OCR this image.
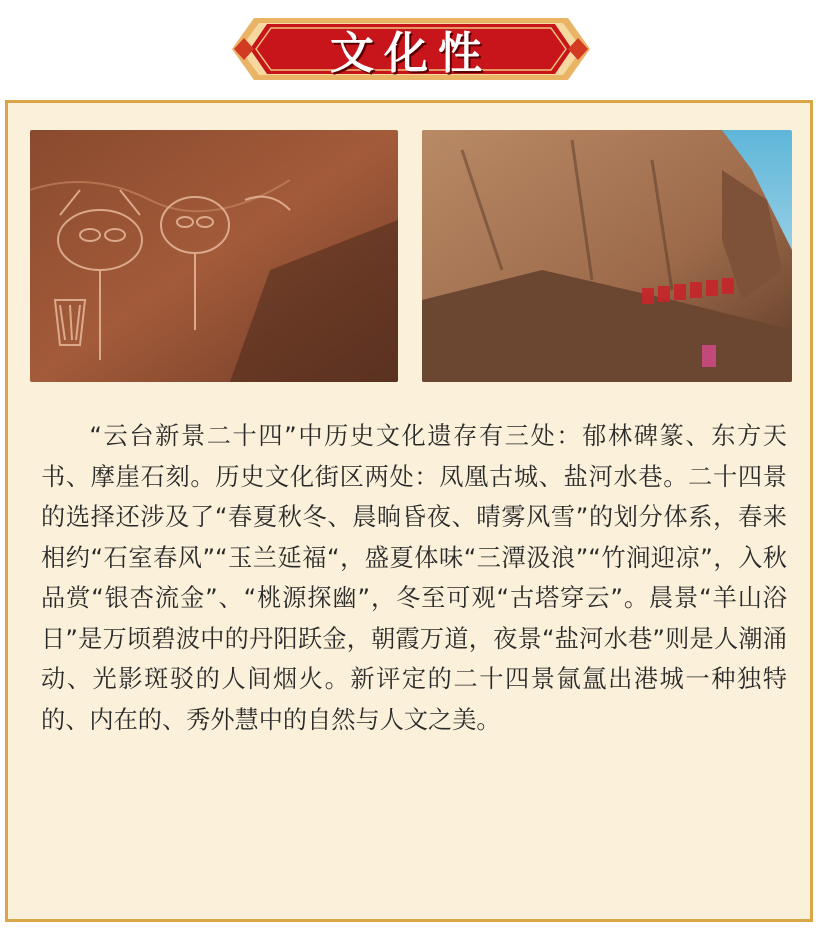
文化性

“云台新景二十四”中历史文化遗存有三处：郁林碑篆、东方天书、摩崖石刻。历史文化街区两处：凤凰古城、盐河水巷。二十四景的选择还涉及了“春夏秋冬、晨晌昏夜、晴雾风雪”的划分体系，春来相约“石室春风”“玉兰延福“，盛夏体味“三潭汲浪”“竹涧迎凉”，入秋品赏“银杏流金”、“桃源探幽”，冬至可观“古塔穿云”。晨景“羊山浴日”是万顷碧波中的丹阳跃金，朝霞万道，夜景“盐河水巷”则是人潮涌动、光影斑驳的人间烟火。新评定的二十四景氤氲出港城一种独特的、内在的、秀外慧中的自然与人文之美。
